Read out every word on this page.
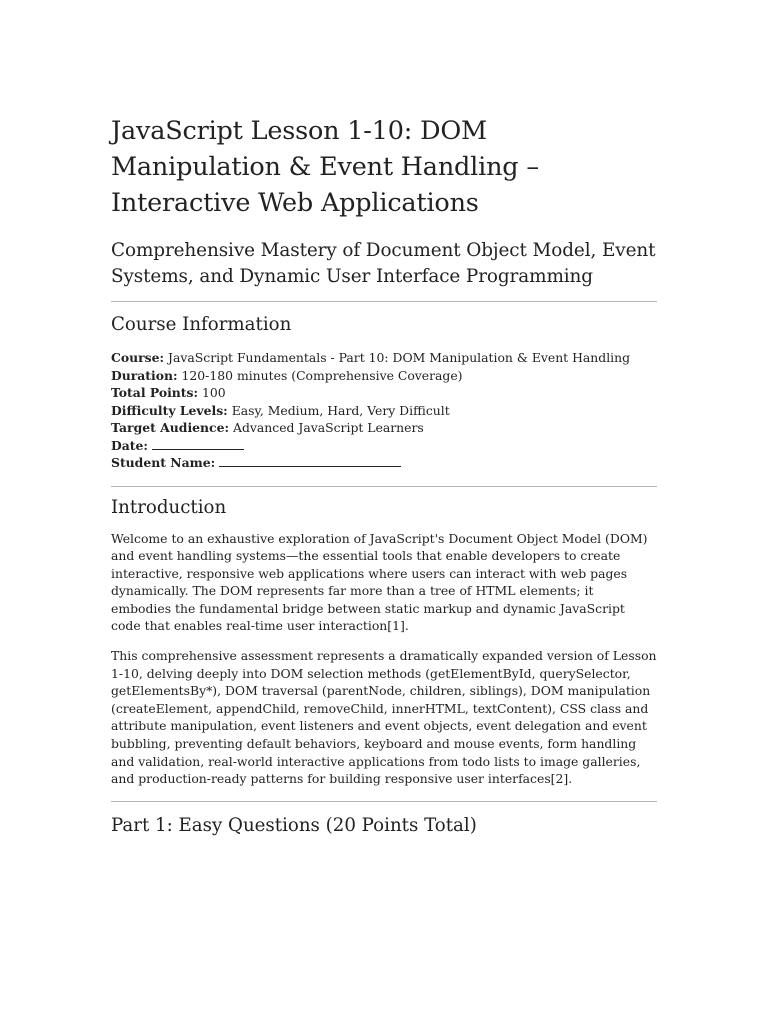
JavaScript Lesson 1-10: DOM Manipulation & Event Handling – Interactive Web Applications
Comprehensive Mastery of Document Object Model, Event Systems, and Dynamic User Interface Programming
Course Information
Course: JavaScript Fundamentals - Part 10: DOM Manipulation & Event Handling
Duration: 120-180 minutes (Comprehensive Coverage)
Total Points: 100
Difficulty Levels: Easy, Medium, Hard, Very Difficult
Target Audience: Advanced JavaScript Learners
Date:
Student Name:
Introduction

Welcome to an exhaustive exploration of JavaScript's Document Object Model (DOM) and event handling systems—the essential tools that enable developers to create interactive, responsive web applications where users can interact with web pages dynamically. The DOM represents far more than a tree of HTML elements; it embodies the fundamental bridge between static markup and dynamic JavaScript code that enables real-time user interaction[1].

This comprehensive assessment represents a dramatically expanded version of Lesson 1-10, delving deeply into DOM selection methods (getElementById, querySelector, getElementsBy*), DOM traversal (parentNode, children, siblings), DOM manipulation (createElement, appendChild, removeChild, innerHTML, textContent), CSS class and attribute manipulation, event listeners and event objects, event delegation and event bubbling, preventing default behaviors, keyboard and mouse events, form handling and validation, real-world interactive applications from todo lists to image galleries, and production-ready patterns for building responsive user interfaces[2].

Part 1: Easy Questions (20 Points Total)
